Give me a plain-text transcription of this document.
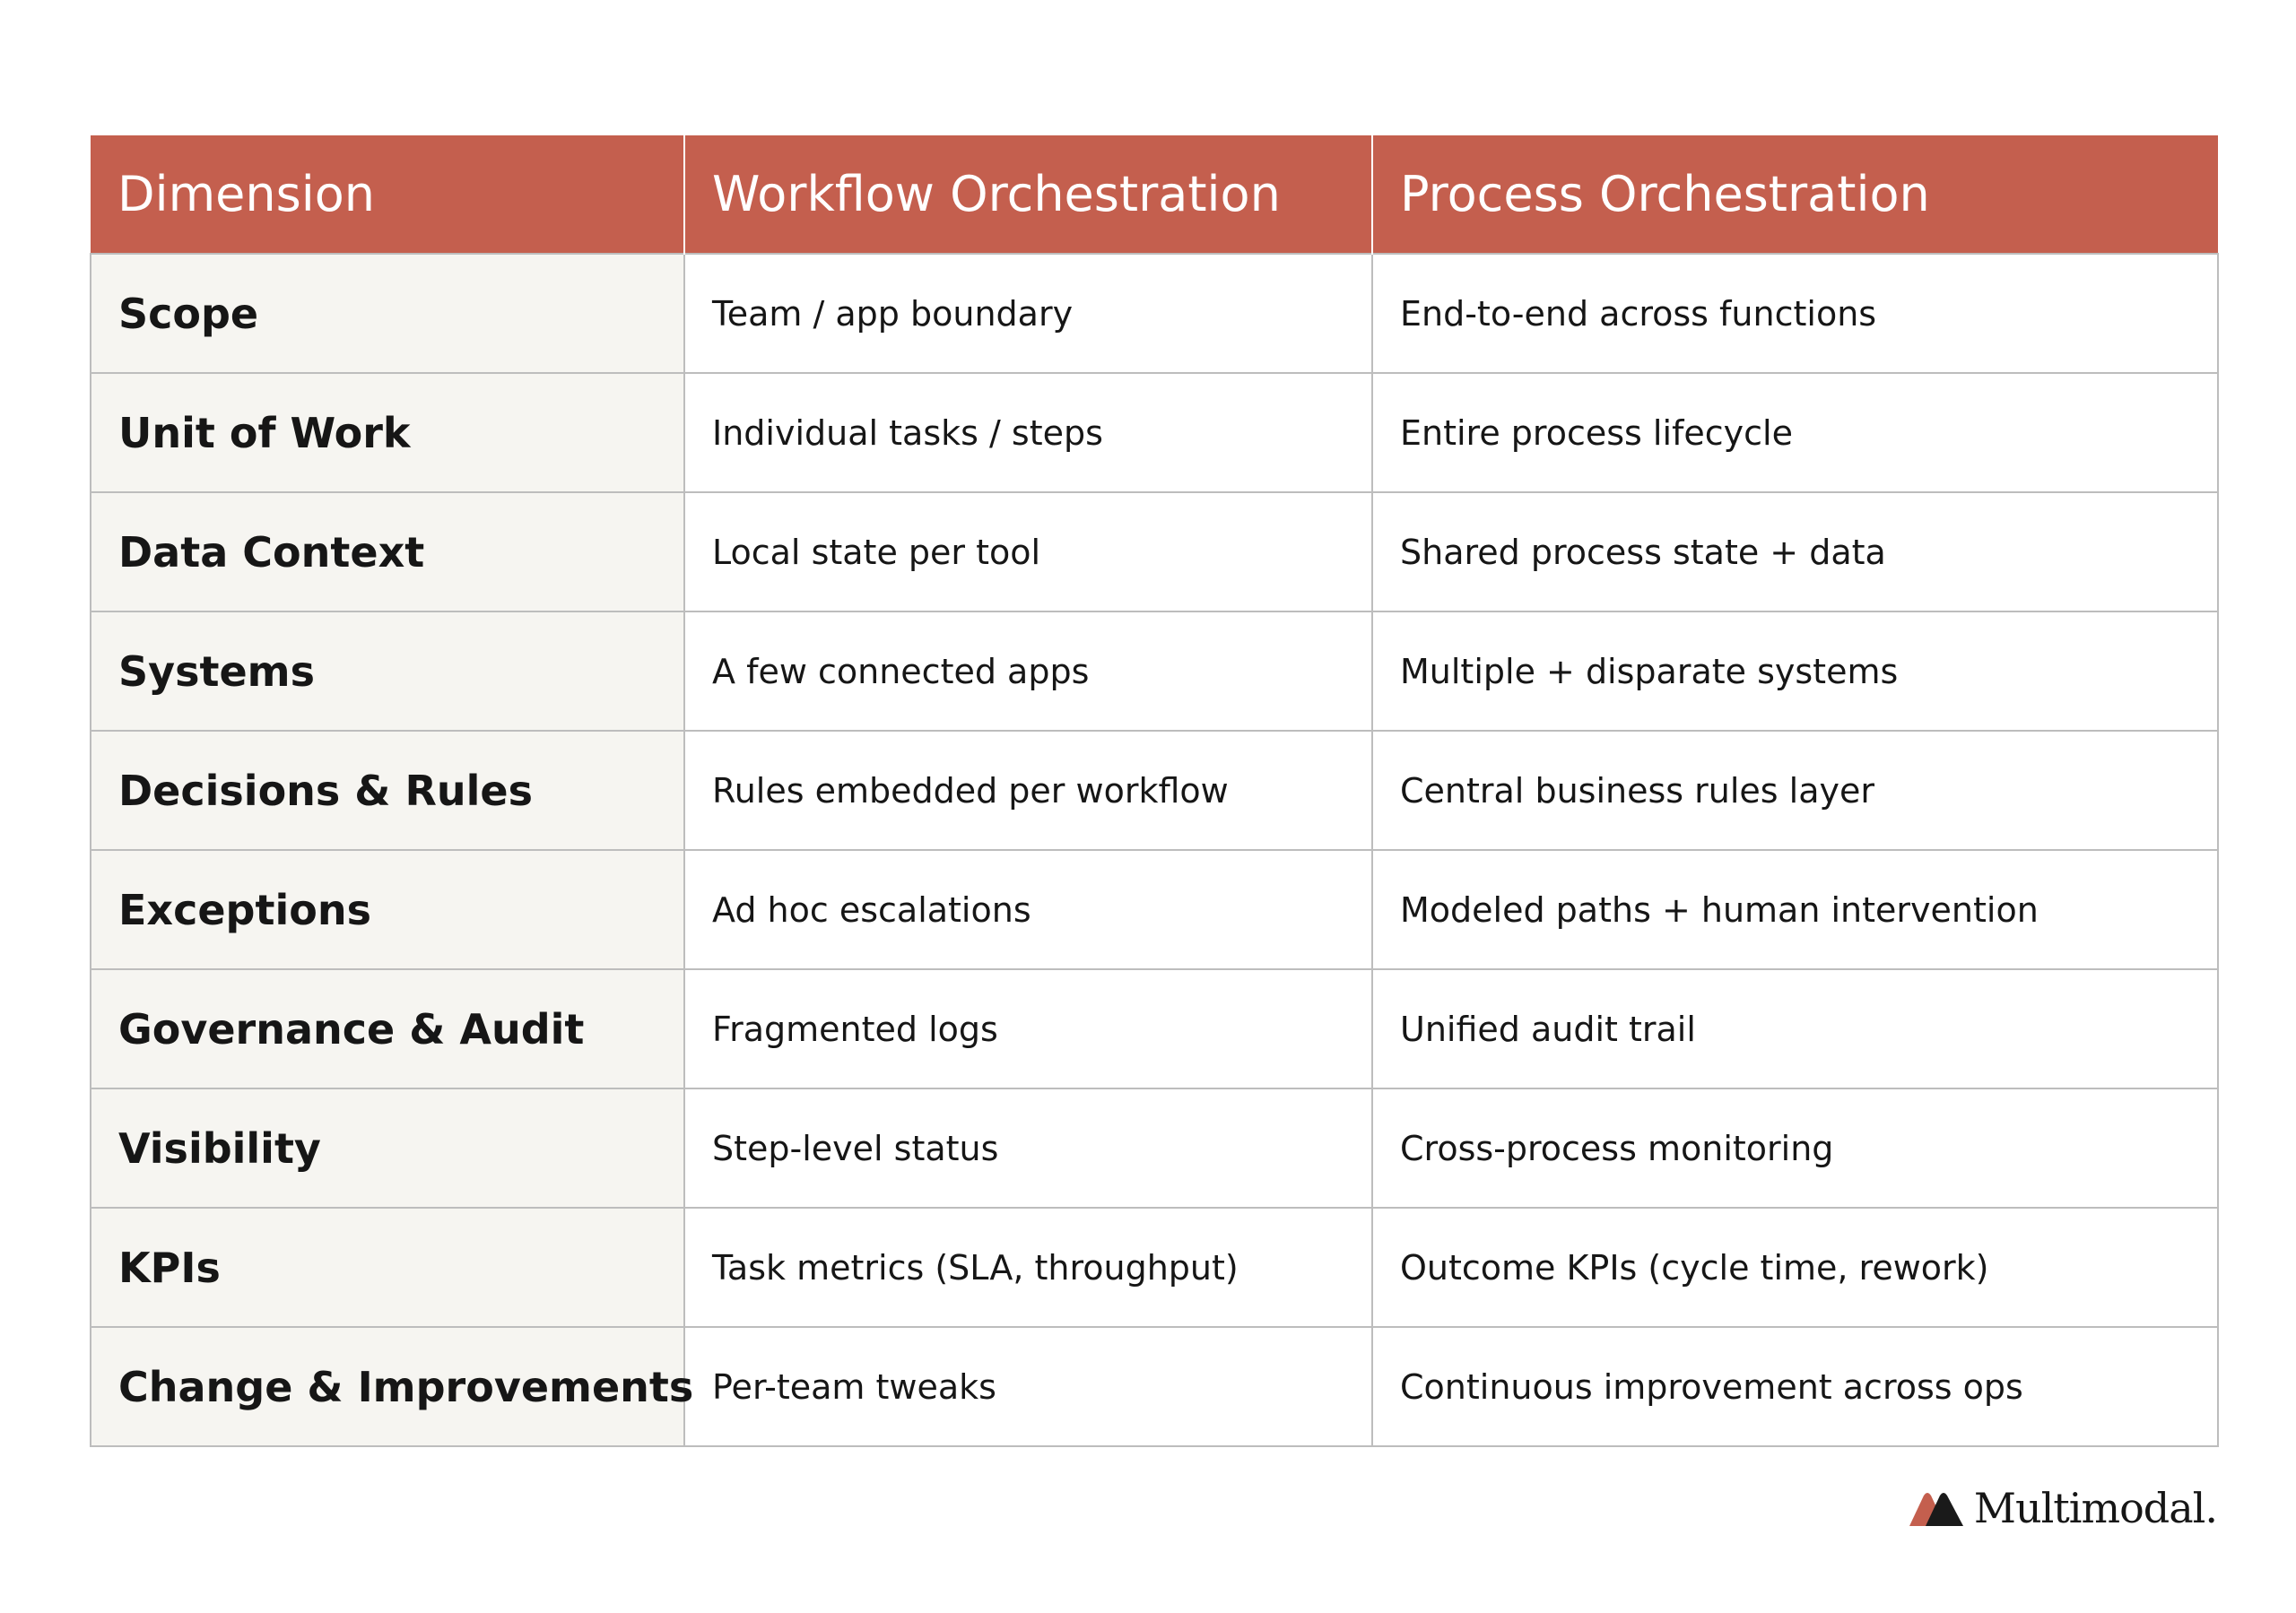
Dimension	Workflow Orchestration	Process Orchestration
Scope	Team / app boundary	End-to-end across functions
Unit of Work	Individual tasks / steps	Entire process lifecycle
Data Context	Local state per tool	Shared process state + data
Systems	A few connected apps	Multiple + disparate systems
Decisions & Rules	Rules embedded per workflow	Central business rules layer
Exceptions	Ad hoc escalations	Modeled paths + human intervention
Governance & Audit	Fragmented logs	Unified audit trail
Visibility	Step-level status	Cross-process monitoring
KPIs	Task metrics (SLA, throughput)	Outcome KPIs (cycle time, rework)
Change & Improvements	Per-team tweaks	Continuous improvement across ops
Multimodal.
